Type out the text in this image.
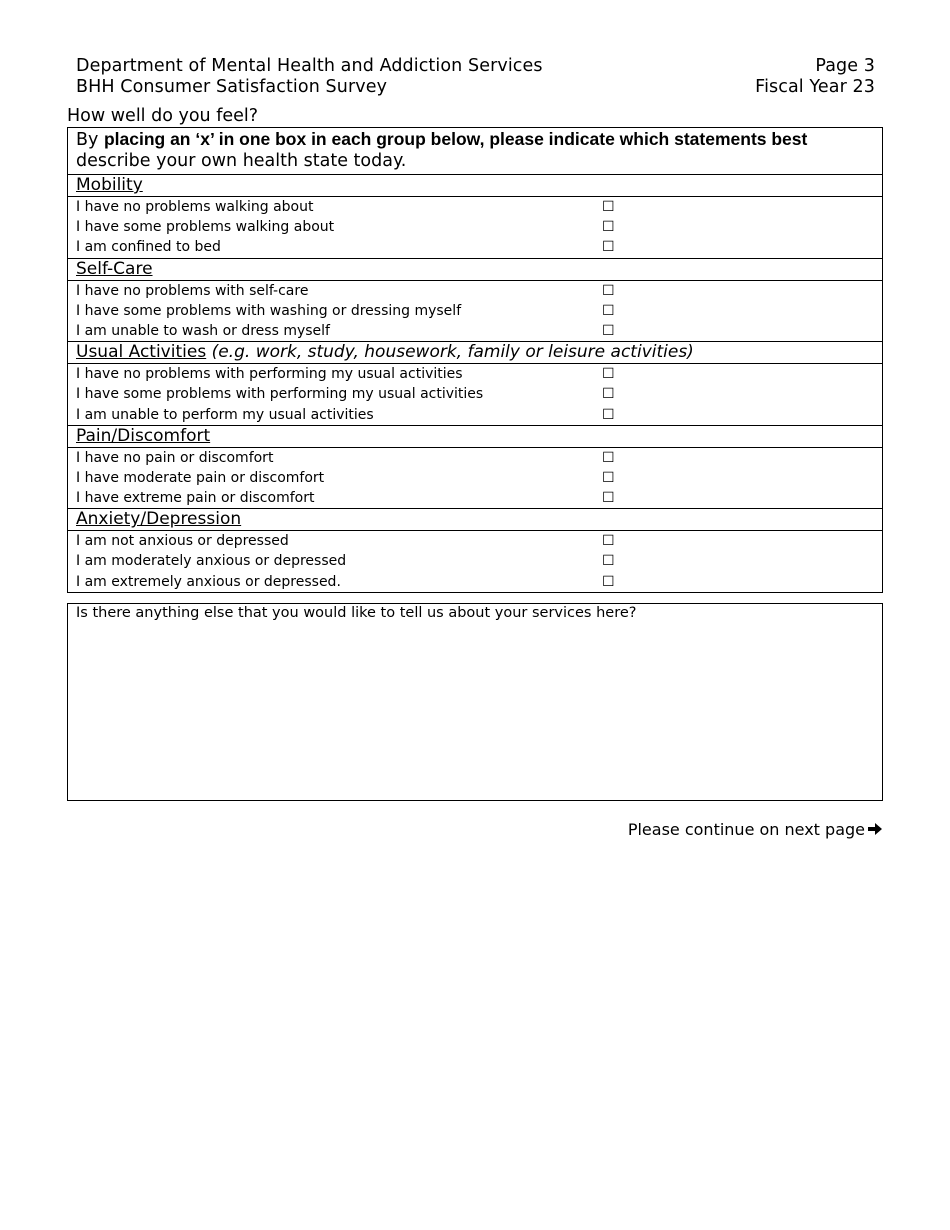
Department of Mental Health and Addiction Services
BHH Consumer Satisfaction Survey
Page 3
Fiscal Year 23
How well do you feel?
By placing an ‘x’ in one box in each group below, please indicate which statements best
describe your own health state today.
Mobility

I have no problems walking about	☐
I have some problems walking about	☐
I am confined to bed	☐

Self-Care

I have no problems with self-care	☐
I have some problems with washing or dressing myself	☐
I am unable to wash or dress myself	☐

Usual Activities (e.g. work, study, housework, family or leisure activities)

I have no problems with performing my usual activities	☐
I have some problems with performing my usual activities	☐
I am unable to perform my usual activities	☐

Pain/Discomfort

I have no pain or discomfort	☐
I have moderate pain or discomfort	☐
I have extreme pain or discomfort	☐

Anxiety/Depression

I am not anxious or depressed	☐
I am moderately anxious or depressed	☐
I am extremely anxious or depressed.	☐
Is there anything else that you would like to tell us about your services here?
Please continue on next page
